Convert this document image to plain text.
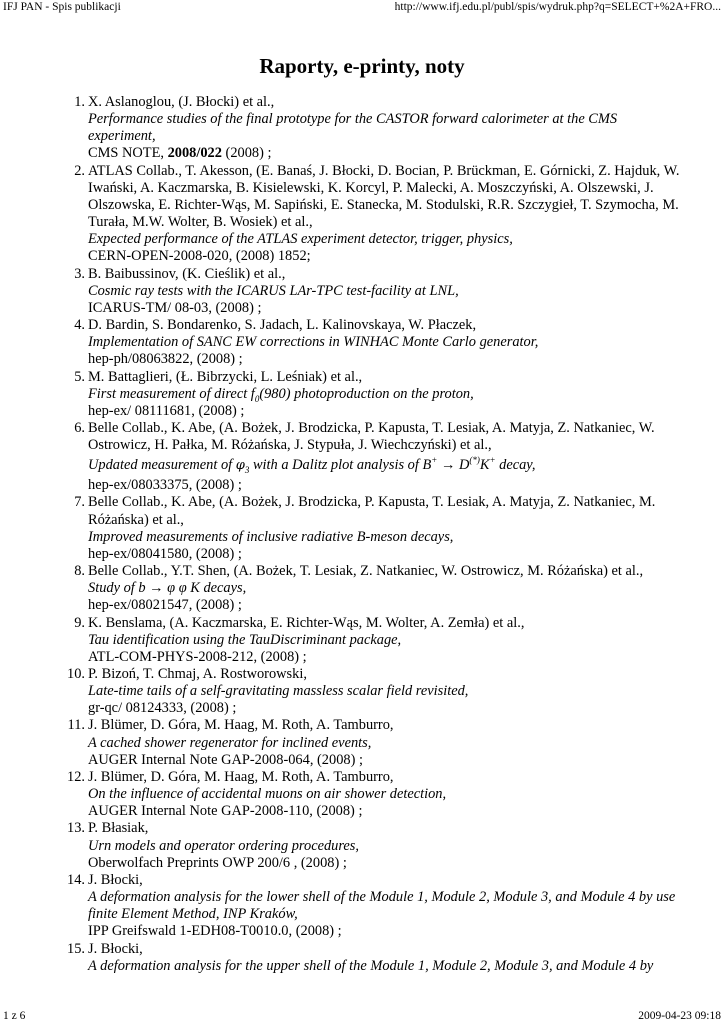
IFJ PAN - Spis publikacji	http://www.ifj.edu.pl/publ/spis/wydruk.php?q=SELECT+%2A+FRO...
Raporty, e-printy, noty
1. X. Aslanoglou, (J. Błocki) et al.,
Performance studies of the final prototype for the CASTOR forward calorimeter at the CMS experiment,
CMS NOTE, 2008/022 (2008) ;
2. ATLAS Collab., T. Akesson, (E. Banaś, J. Błocki, D. Bocian, P. Brückman, E. Górnicki, Z. Hajduk, W. Iwański, A. Kaczmarska, B. Kisielewski, K. Korcyl, P. Malecki, A. Moszczyński, A. Olszewski, J. Olszowska, E. Richter-Wąs, M. Sapiński, E. Stanecka, M. Stodulski, R.R. Szczygieł, T. Szymocha, M. Turała, M.W. Wolter, B. Wosiek) et al.,
Expected performance of the ATLAS experiment detector, trigger, physics,
CERN-OPEN-2008-020, (2008) 1852;
3. B. Baibussinov, (K. Cieślik) et al.,
Cosmic ray tests with the ICARUS LAr-TPC test-facility at LNL,
ICARUS-TM/ 08-03, (2008) ;
4. D. Bardin, S. Bondarenko, S. Jadach, L. Kalinovskaya, W. Płaczek,
Implementation of SANC EW corrections in WINHAC Monte Carlo generator,
hep-ph/08063822, (2008) ;
5. M. Battaglieri, (Ł. Bibrzycki, L. Leśniak) et al.,
First measurement of direct $f_0(980)$ photoproduction on the proton,
hep-ex/ 08111681, (2008) ;
6. Belle Collab., K. Abe, (A. Bożek, J. Brodzicka, P. Kapusta, T. Lesiak, A. Matyja, Z. Natkaniec, W. Ostrowicz, H. Pałka, M. Różańska, J. Stypuła, J. Wiechczyński) et al.,
Updated measurement of $\varphi_3$ with a Dalitz plot analysis of B+ → D(*)K+ decay,
hep-ex/08033375, (2008) ;
7. Belle Collab., K. Abe, (A. Bożek, J. Brodzicka, P. Kapusta, T. Lesiak, A. Matyja, Z. Natkaniec, M. Różańska) et al.,
Improved measurements of inclusive radiative B-meson decays,
hep-ex/08041580, (2008) ;
8. Belle Collab., Y.T. Shen, (A. Bożek, T. Lesiak, Z. Natkaniec, W. Ostrowicz, M. Różańska) et al.,
Study of b → φ φ K decays,
hep-ex/08021547, (2008) ;
9. K. Benslama, (A. Kaczmarska, E. Richter-Wąs, M. Wolter, A. Zemła) et al.,
Tau identification using the TauDiscriminant package,
ATL-COM-PHYS-2008-212, (2008) ;
10. P. Bizoń, T. Chmaj, A. Rostworowski,
Late-time tails of a self-gravitating massless scalar field revisited,
gr-qc/ 08124333, (2008) ;
11. J. Blümer, D. Góra, M. Haag, M. Roth, A. Tamburro,
A cached shower regenerator for inclined events,
AUGER Internal Note GAP-2008-064, (2008) ;
12. J. Blümer, D. Góra, M. Haag, M. Roth, A. Tamburro,
On the influence of accidental muons on air shower detection,
AUGER Internal Note GAP-2008-110, (2008) ;
13. P. Błasiak,
Urn models and operator ordering procedures,
Oberwolfach Preprints OWP 200/6 , (2008) ;
14. J. Błocki,
A deformation analysis for the lower shell of the Module 1, Module 2, Module 3, and Module 4 by use finite Element Method, INP Kraków,
IPP Greifswald 1-EDH08-T0010.0, (2008) ;
15. J. Błocki,
A deformation analysis for the upper shell of the Module 1, Module 2, Module 3, and Module 4 by
1 z 6	2009-04-23 09:18
